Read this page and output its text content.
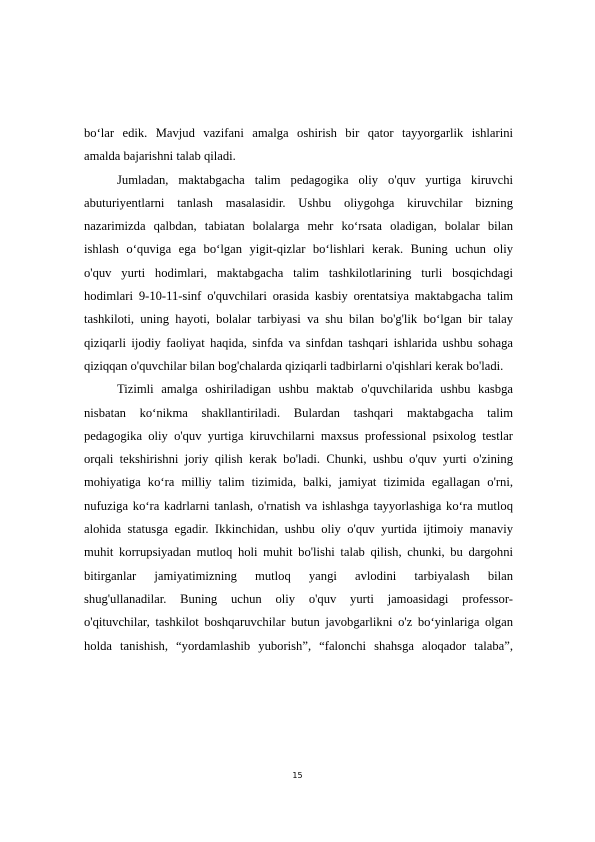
bo‘lar edik. Mavjud vazifani amalga oshirish bir qator tayyorgarlik ishlarini
amalda bajarishni talab qiladi.
Jumladan, maktabgacha talim pedagogika oliy o'quv yurtiga kiruvchi
abuturiyentlarni tanlash masalasidir. Ushbu oliygohga kiruvchilar bizning
nazarimizda qalbdan, tabiatan bolalarga mehr ko‘rsata oladigan, bolalar bilan
ishlash o‘quviga ega bo‘lgan yigit-qizlar bo‘lishlari kerak. Buning uchun oliy
o'quv yurti hodimlari, maktabgacha talim tashkilotlarining turli bosqichdagi
hodimlari 9-10-11-sinf o'quvchilari orasida kasbiy orentatsiya maktabgacha talim
tashkiloti, uning hayoti, bolalar tarbiyasi va shu bilan bo'g'lik bo‘lgan bir talay
qiziqarli ijodiy faoliyat haqida, sinfda va sinfdan tashqari ishlarida ushbu sohaga
qiziqqan o'quvchilar bilan bog'chalarda qiziqarli tadbirlarni o'qishlari kerak bo'ladi.
Tizimli amalga oshiriladigan ushbu maktab o'quvchilarida ushbu kasbga
nisbatan ko‘nikma shakllantiriladi. Bulardan tashqari maktabgacha talim
pedagogika oliy o'quv yurtiga kiruvchilarni maxsus professional psixolog testlar
orqali tekshirishni joriy qilish kerak bo'ladi. Chunki, ushbu o'quv yurti o'zining
mohiyatiga ko‘ra milliy talim tizimida, balki, jamiyat tizimida egallagan o'rni,
nufuziga ko‘ra kadrlarni tanlash, o'rnatish va ishlashga tayyorlashiga ko‘ra mutloq
alohida statusga egadir. Ikkinchidan, ushbu oliy o'quv yurtida ijtimoiy manaviy
muhit korrupsiyadan mutloq holi muhit bo'lishi talab qilish, chunki, bu dargohni
bitirganlar jamiyatimizning mutloq yangi avlodini tarbiyalash bilan
shug'ullanadilar. Buning uchun oliy o'quv yurti jamoasidagi professor-
o'qituvchilar, tashkilot boshqaruvchilar butun javobgarlikni o'z bo‘yinlariga olgan
holda tanishish, “yordamlashib yuborish”, “falonchi shahsga aloqador talaba”,
15
